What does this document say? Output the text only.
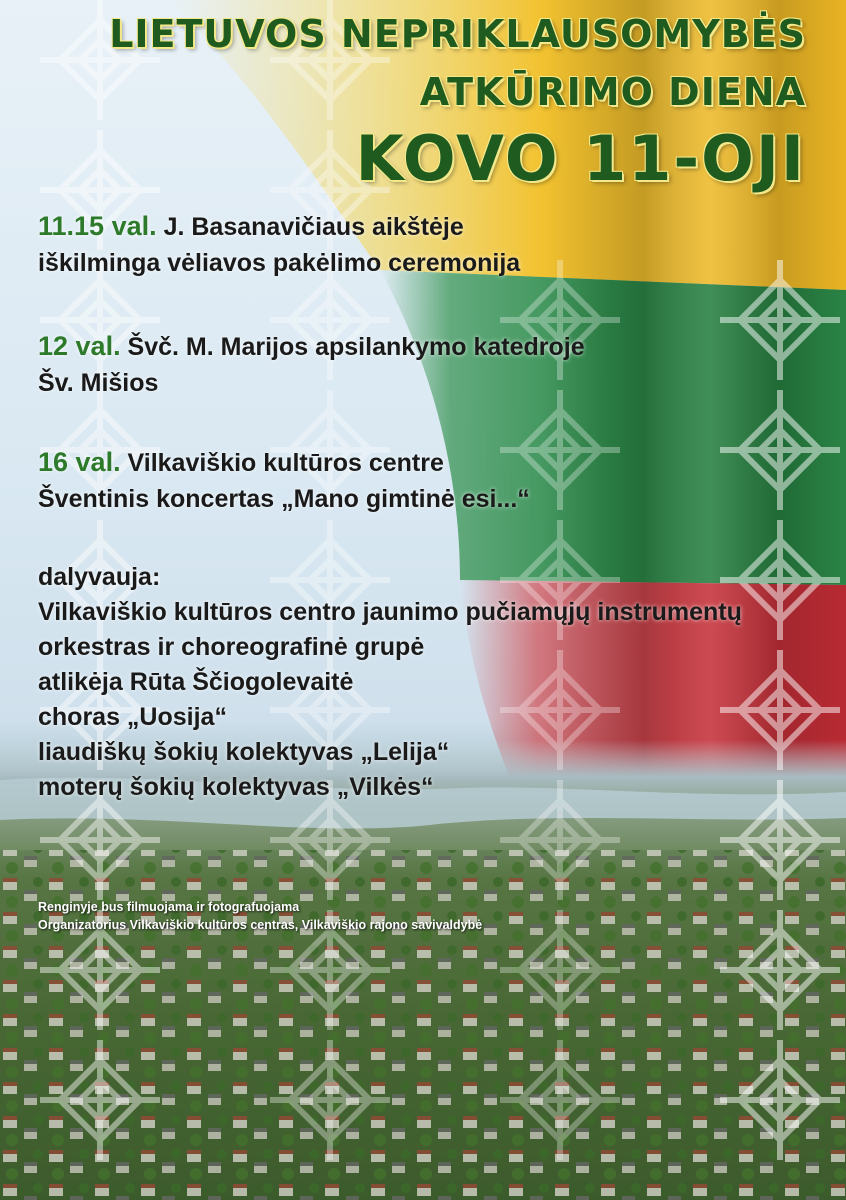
LIETUVOS NEPRIKLAUSOMYBĖS
ATKŪRIMO DIENA
KOVO 11-OJI
11.15 val. J. Basanavičiaus aikštėje
iškilminga vėliavos pakėlimo ceremonija
12 val. Švč. M. Marijos apsilankymo katedroje
Šv. Mišios
16 val. Vilkaviškio kultūros centre
Šventinis koncertas „Mano gimtinė esi...“
dalyvauja:
Vilkaviškio kultūros centro jaunimo pučiamųjų instrumentų
orkestras ir choreografinė grupė
atlikėja Rūta Ščiogolevaitė
choras „Uosija“
liaudiškų šokių kolektyvas „Lelija“
moterų šokių kolektyvas „Vilkės“
Renginyje bus filmuojama ir fotografuojama
Organizatorius Vilkaviškio kultūros centras, Vilkaviškio rajono savivaldybė
